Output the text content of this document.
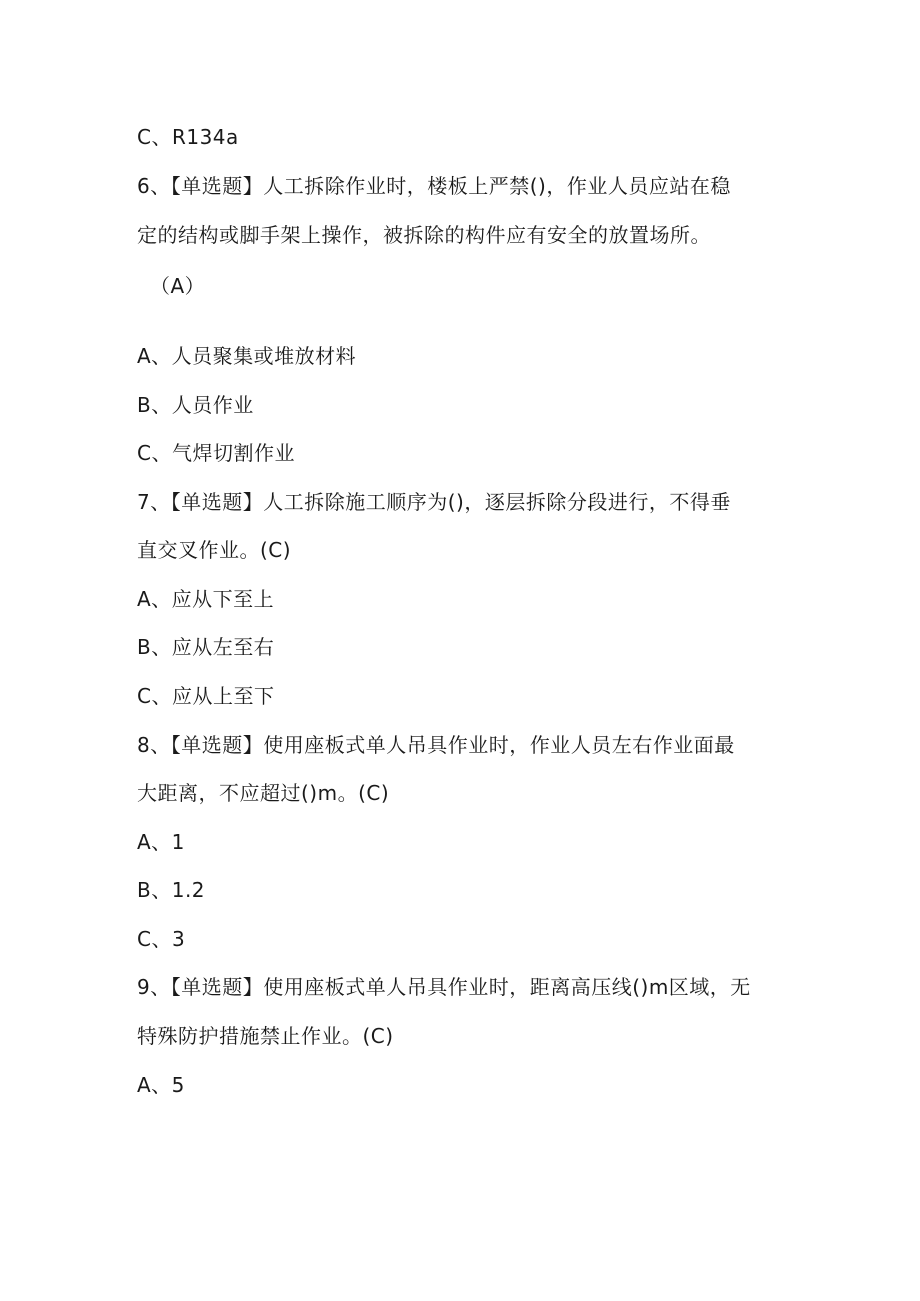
C、R134a
6、【单选题】人工拆除作业时，楼板上严禁()，作业人员应站在稳
定的结构或脚手架上操作，被拆除的构件应有安全的放置场所。
（A）
A、人员聚集或堆放材料
B、人员作业
C、气焊切割作业
7、【单选题】人工拆除施工顺序为()，逐层拆除分段进行，不得垂
直交叉作业。(C)
A、应从下至上
B、应从左至右
C、应从上至下
8、【单选题】使用座板式单人吊具作业时，作业人员左右作业面最
大距离，不应超过()m。(C)
A、1
B、1.2
C、3
9、【单选题】使用座板式单人吊具作业时，距离高压线()m区域，无
特殊防护措施禁止作业。(C)
A、5
